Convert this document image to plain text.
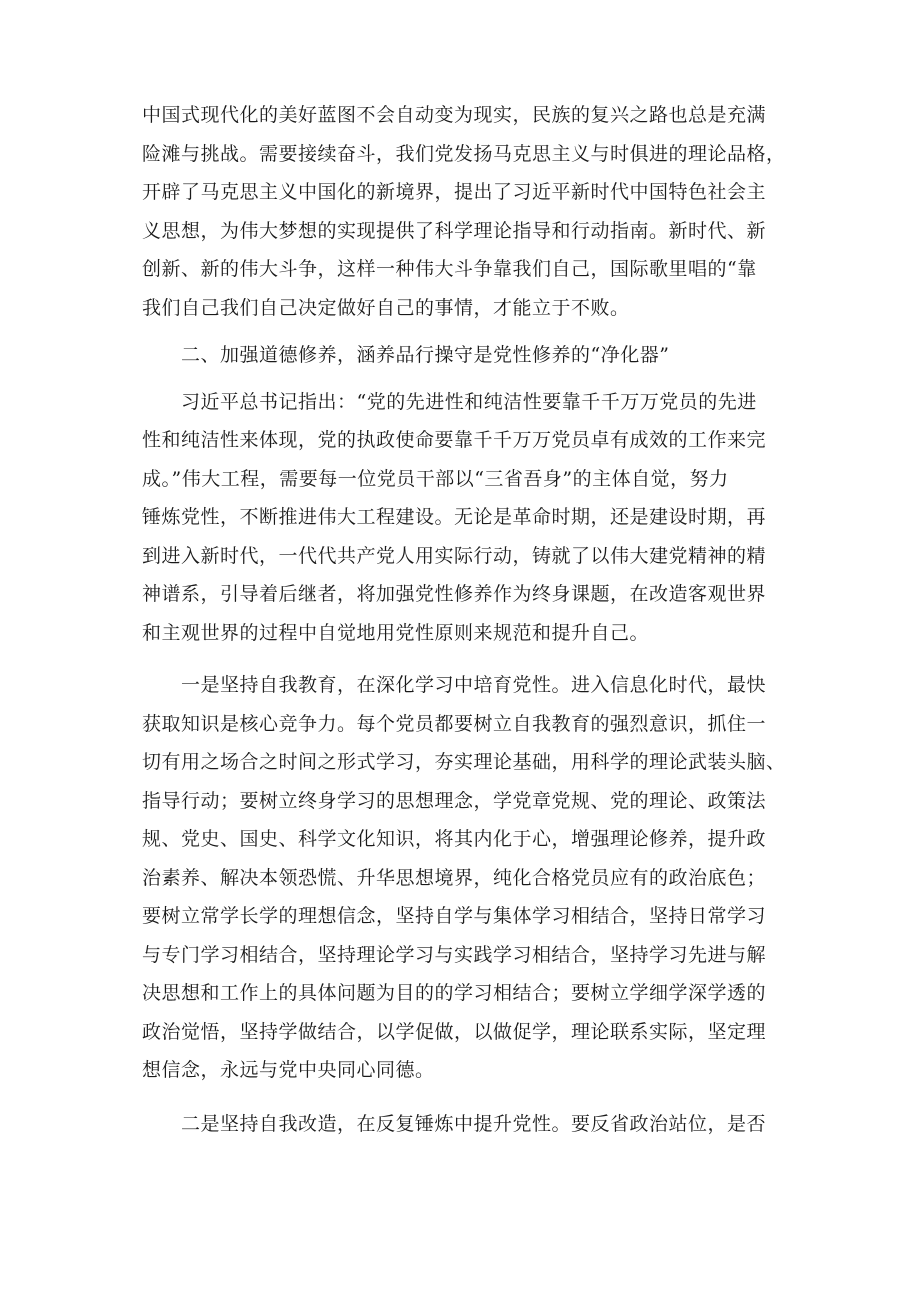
中国式现代化的美好蓝图不会自动变为现实，民族的复兴之路也总是充满
险滩与挑战。需要接续奋斗，我们党发扬马克思主义与时俱进的理论品格，
开辟了马克思主义中国化的新境界，提出了习近平新时代中国特色社会主
义思想，为伟大梦想的实现提供了科学理论指导和行动指南。新时代、新
创新、新的伟大斗争，这样一种伟大斗争靠我们自己，国际歌里唱的“靠
我们自己我们自己决定做好自己的事情，才能立于不败。
　　二、加强道德修养，涵养品行操守是党性修养的“净化器”
　　习近平总书记指出：“党的先进性和纯洁性要靠千千万万党员的先进
性和纯洁性来体现，党的执政使命要靠千千万万党员卓有成效的工作来完
成。”伟大工程，需要每一位党员干部以“三省吾身”的主体自觉，努力
锤炼党性，不断推进伟大工程建设。无论是革命时期，还是建设时期，再
到进入新时代，一代代共产党人用实际行动，铸就了以伟大建党精神的精
神谱系，引导着后继者，将加强党性修养作为终身课题，在改造客观世界
和主观世界的过程中自觉地用党性原则来规范和提升自己。
　　一是坚持自我教育，在深化学习中培育党性。进入信息化时代，最快
获取知识是核心竞争力。每个党员都要树立自我教育的强烈意识，抓住一
切有用之场合之时间之形式学习，夯实理论基础，用科学的理论武装头脑、
指导行动；要树立终身学习的思想理念，学党章党规、党的理论、政策法
规、党史、国史、科学文化知识，将其内化于心，增强理论修养，提升政
治素养、解决本领恐慌、升华思想境界，纯化合格党员应有的政治底色；
要树立常学长学的理想信念，坚持自学与集体学习相结合，坚持日常学习
与专门学习相结合，坚持理论学习与实践学习相结合，坚持学习先进与解
决思想和工作上的具体问题为目的的学习相结合；要树立学细学深学透的
政治觉悟，坚持学做结合，以学促做，以做促学，理论联系实际，坚定理
想信念，永远与党中央同心同德。
　　二是坚持自我改造，在反复锤炼中提升党性。要反省政治站位，是否
